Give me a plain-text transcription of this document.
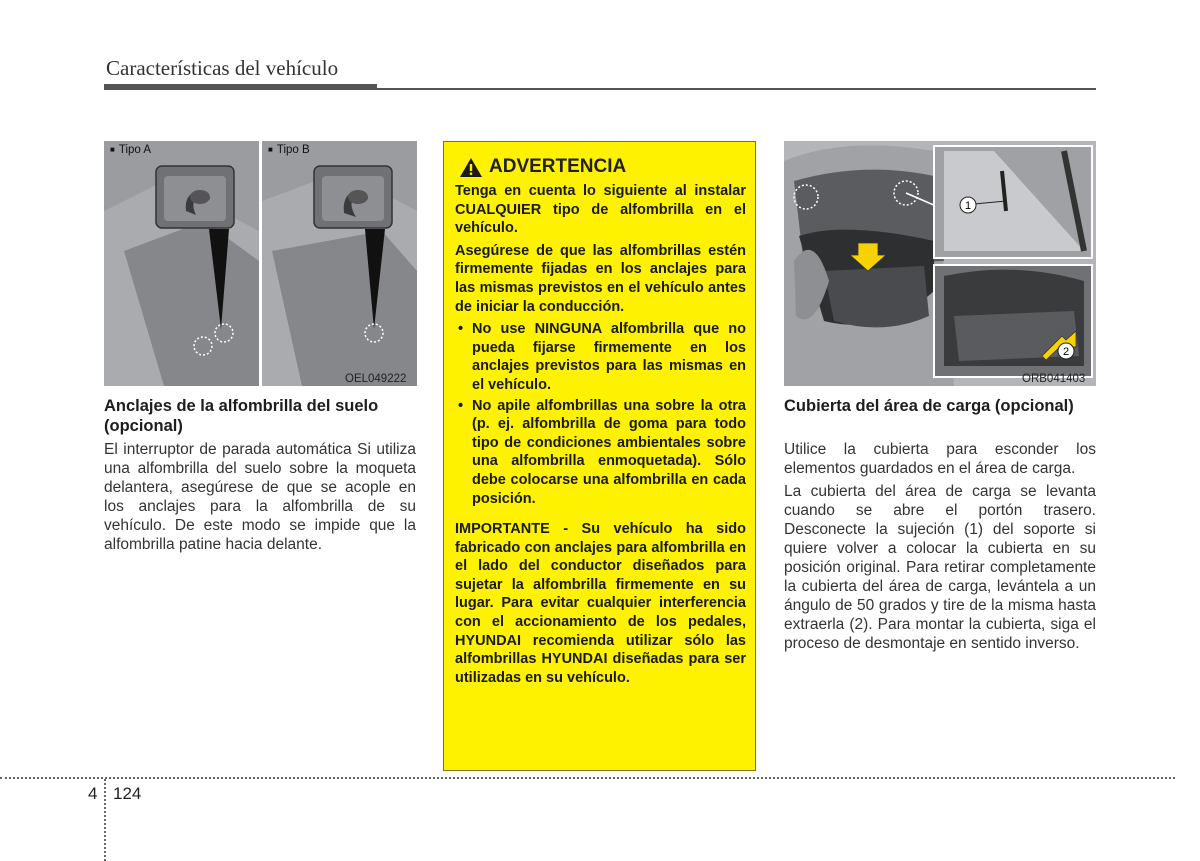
Características del vehículo
■ Tipo A
■	Tipo B
OEL049222
Anclajes de la alfombrilla del suelo (opcional)

El interruptor de parada automática Si utiliza una alfombrilla del suelo sobre la moqueta delantera, asegúrese de que se acople en los anclajes para la alfombrilla de su vehículo. De este modo se impide que la alfombrilla patine hacia delante.

ADVERTENCIA

Tenga en cuenta lo siguiente al instalar CUALQUIER tipo de alfombrilla en el vehículo.

Asegúrese de que las alfombrillas estén firmemente fijadas en los anclajes para las mismas previstos en el vehículo antes de iniciar la conducción.

• No use NINGUNA alfombrilla que no pueda fijarse firmemente en los anclajes previstos para las mismas en el vehículo.
• No apile alfombrillas una sobre la otra (p. ej. alfombrilla de goma para todo tipo de condiciones ambientales sobre una alfombrilla enmoquetada). Sólo debe colocarse una alfombrilla en cada posición.

IMPORTANTE - Su vehículo ha sido fabricado con anclajes para alfombrilla en el lado del conductor diseñados para sujetar la alfombrilla firmemente en su lugar. Para evitar cualquier interferencia con el accionamiento de los pedales, HYUNDAI recomienda utilizar sólo las alfombrillas HYUNDAI diseñadas para ser utilizadas en su vehículo.

1
2
ORB041403
Cubierta del área de carga (opcional)

Utilice la cubierta para esconder los elementos guardados en el área de carga.

La cubierta del área de carga se levanta cuando se abre el portón trasero. Desconecte la sujeción (1) del soporte si quiere volver a colocar la cubierta en su posición original. Para retirar completamente la cubierta del área de carga, levántela a un ángulo de 50 grados y tire de la misma hasta extraerla (2). Para montar la cubierta, siga el proceso de desmontaje en sentido inverso.

4 124
